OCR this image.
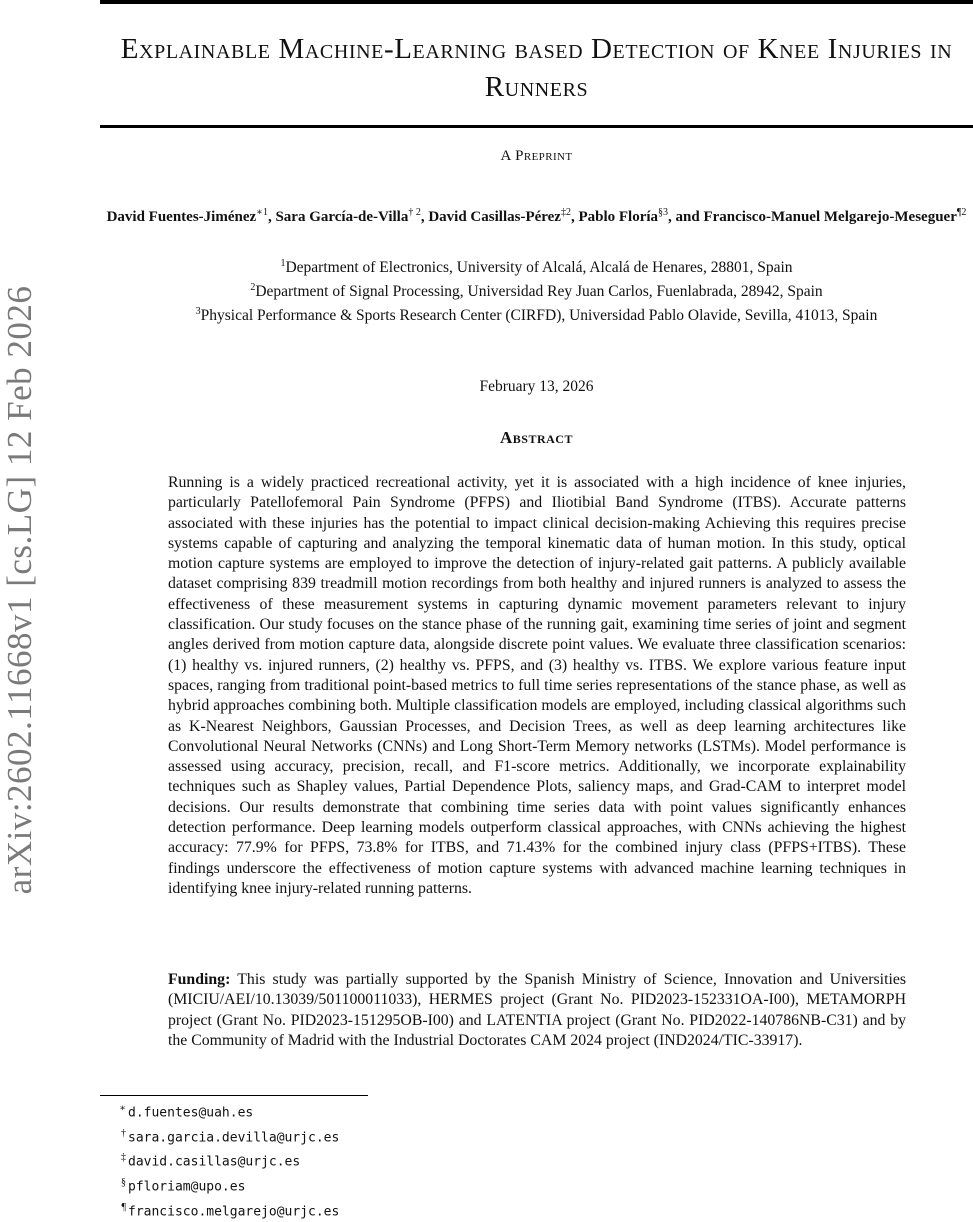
arXiv:2602.11668v1 [cs.LG] 12 Feb 2026
Explainable Machine-Learning based Detection of Knee Injuries in Runners
A Preprint
David Fuentes-Jiménez$^{∗1}$, Sara García-de-Villa$^{\dagger 2}$, David Casillas-Pérez$^{\ddagger 2}$, Pablo Floría$^{\S 3}$, and Francisco-Manuel Melgarejo-Meseguer$^{\P 2}$
$^1$Department of Electronics, University of Alcalá, Alcalá de Henares, 28801, Spain
$^2$Department of Signal Processing, Universidad Rey Juan Carlos, Fuenlabrada, 28942, Spain
$^3$Physical Performance & Sports Research Center (CIRFD), Universidad Pablo Olavide, Sevilla, 41013, Spain
February 13, 2026
Abstract

Running is a widely practiced recreational activity, yet it is associated with a high incidence of knee injuries, particularly Patellofemoral Pain Syndrome (PFPS) and Iliotibial Band Syndrome (ITBS). Accurate patterns associated with these injuries has the potential to impact clinical decision-making Achieving this requires precise systems capable of capturing and analyzing the temporal kinematic data of human motion. In this study, optical motion capture systems are employed to improve the detection of injury-related gait patterns. A publicly available dataset comprising 839 treadmill motion recordings from both healthy and injured runners is analyzed to assess the effectiveness of these measurement systems in capturing dynamic movement parameters relevant to injury classification. Our study focuses on the stance phase of the running gait, examining time series of joint and segment angles derived from motion capture data, alongside discrete point values. We evaluate three classification scenarios: (1) healthy vs. injured runners, (2) healthy vs. PFPS, and (3) healthy vs. ITBS. We explore various feature input spaces, ranging from traditional point-based metrics to full time series representations of the stance phase, as well as hybrid approaches combining both. Multiple classification models are employed, including classical algorithms such as K-Nearest Neighbors, Gaussian Processes, and Decision Trees, as well as deep learning architectures like Convolutional Neural Networks (CNNs) and Long Short-Term Memory networks (LSTMs). Model performance is assessed using accuracy, precision, recall, and F1-score metrics. Additionally, we incorporate explainability techniques such as Shapley values, Partial Dependence Plots, saliency maps, and Grad-CAM to interpret model decisions. Our results demonstrate that combining time series data with point values significantly enhances detection performance. Deep learning models outperform classical approaches, with CNNs achieving the highest accuracy: 77.9% for PFPS, 73.8% for ITBS, and 71.43% for the combined injury class (PFPS+ITBS). These findings underscore the effectiveness of motion capture systems with advanced machine learning techniques in identifying knee injury-related running patterns.

Funding: This study was partially supported by the Spanish Ministry of Science, Innovation and Universities (MICIU/AEI/10.13039/501100011033), HERMES project (Grant No. PID2023-152331OA-I00), METAMORPH project (Grant No. PID2023-151295OB-I00) and LATENTIA project (Grant No. PID2022-140786NB-C31) and by the Community of Madrid with the Industrial Doctorates CAM 2024 project (IND2024/TIC-33917).

∗ d.fuentes@uah.es
† sara.garcia.devilla@urjc.es
‡ david.casillas@urjc.es
§ pfloriam@upo.es
¶ francisco.melgarejo@urjc.es
